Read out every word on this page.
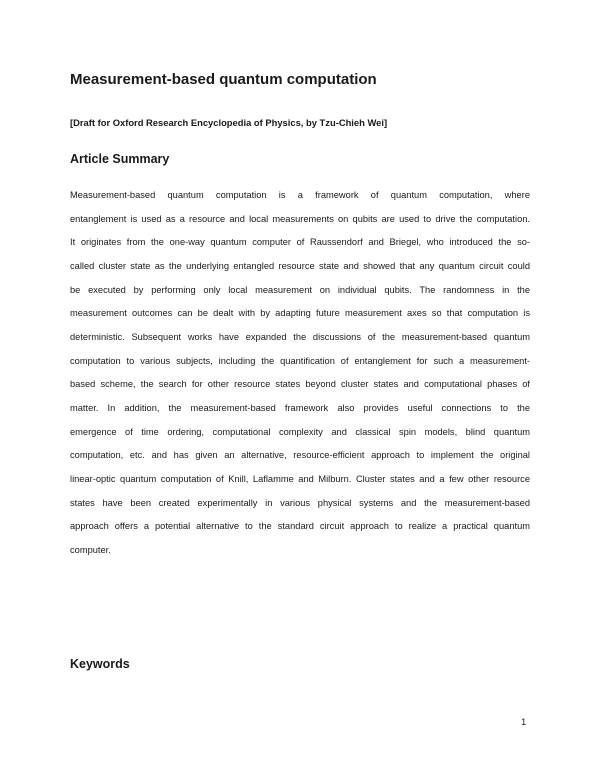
Measurement-based quantum computation
[Draft for Oxford Research Encyclopedia of Physics, by Tzu-Chieh Wei]
Article Summary
Measurement-based quantum computation is a framework of quantum computation, where
entanglement is used as a resource and local measurements on qubits are used to drive the computation.
It originates from the one-way quantum computer of Raussendorf and Briegel, who introduced the so-
called cluster state as the underlying entangled resource state and showed that any quantum circuit could
be executed by performing only local measurement on individual qubits. The randomness in the
measurement outcomes can be dealt with by adapting future measurement axes so that computation is
deterministic. Subsequent works have expanded the discussions of the measurement-based quantum
computation to various subjects, including the quantification of entanglement for such a measurement-
based scheme, the search for other resource states beyond cluster states and computational phases of
matter. In addition, the measurement-based framework also provides useful connections to the
emergence of time ordering, computational complexity and classical spin models, blind quantum
computation, etc. and has given an alternative, resource-efficient approach to implement the original
linear-optic quantum computation of Knill, Laflamme and Milburn. Cluster states and a few other resource
states have been created experimentally in various physical systems and the measurement-based
approach offers a potential alternative to the standard circuit approach to realize a practical quantum
computer.
Keywords
1
